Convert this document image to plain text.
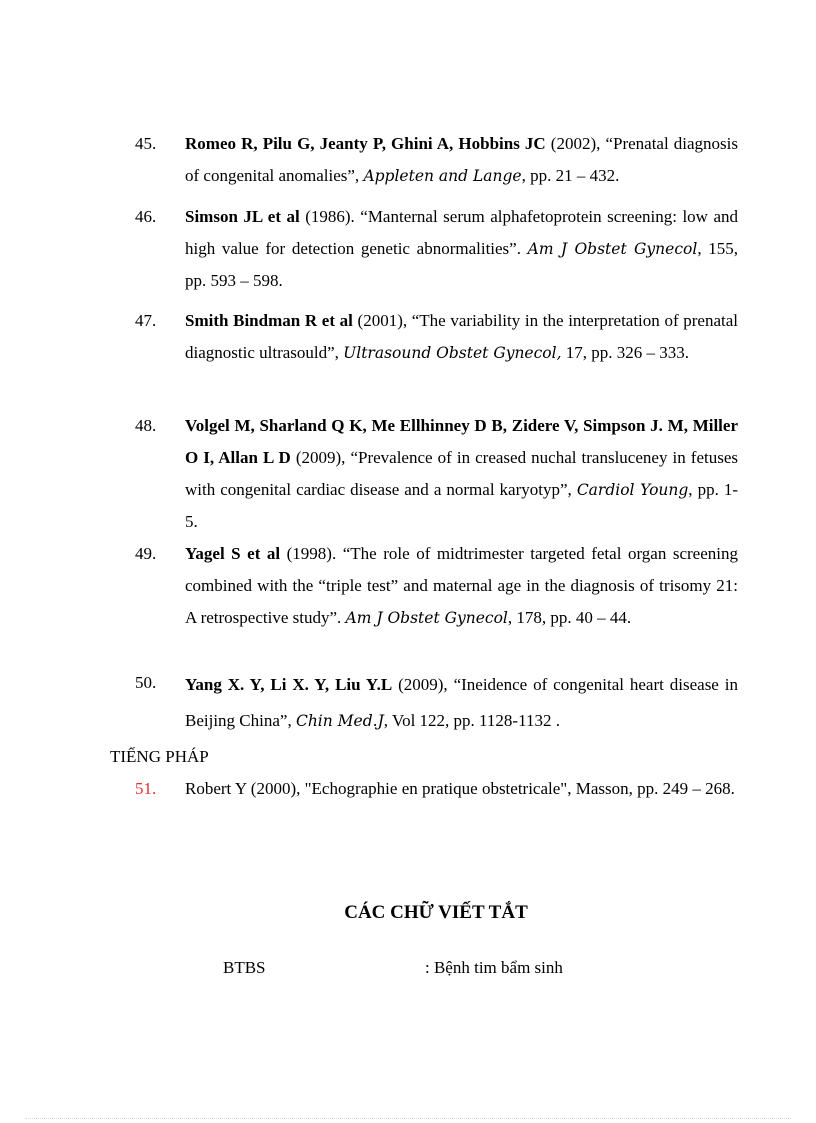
45. Romeo R, Pilu G, Jeanty P, Ghini A, Hobbins JC (2002), “Prenatal diagnosis of congenital anomalies”, Appleten and Lange, pp. 21 – 432.
46. Simson JL et al (1986). “Manternal serum alphafetoprotein screening: low and high value for detection genetic abnormalities”. Am J Obstet Gynecol, 155, pp. 593 – 598.
47. Smith Bindman R et al (2001), “The variability in the interpretation of prenatal diagnostic ultrasould”, Ultrasound Obstet Gynecol, 17, pp. 326 – 333.
48. Volgel M, Sharland Q K, Me Ellhinney D B, Zidere V, Simpson J. M, Miller O I, Allan L D (2009), “Prevalence of in creased nuchal transluceney in fetuses with congenital cardiac disease and a normal karyotyp”, Cardiol Young, pp. 1-5.
49. Yagel S et al (1998). “The role of midtrimester targeted fetal organ screening combined with the “triple test” and maternal age in the diagnosis of trisomy 21: A retrospective study”. Am J Obstet Gynecol, 178, pp. 40 – 44.
50. Yang X. Y, Li X. Y, Liu Y.L (2009), “Ineidence of congenital heart disease in Beijing China”, Chin Med.J, Vol 122, pp. 1128-1132 .
TIẾNG PHÁP
51. Robert Y (2000), "Echographie en pratique obstetricale", Masson, pp. 249 – 268.
CÁC CHỮ VIẾT TẮT
BTBS	: Bệnh tim bẩm sinh
